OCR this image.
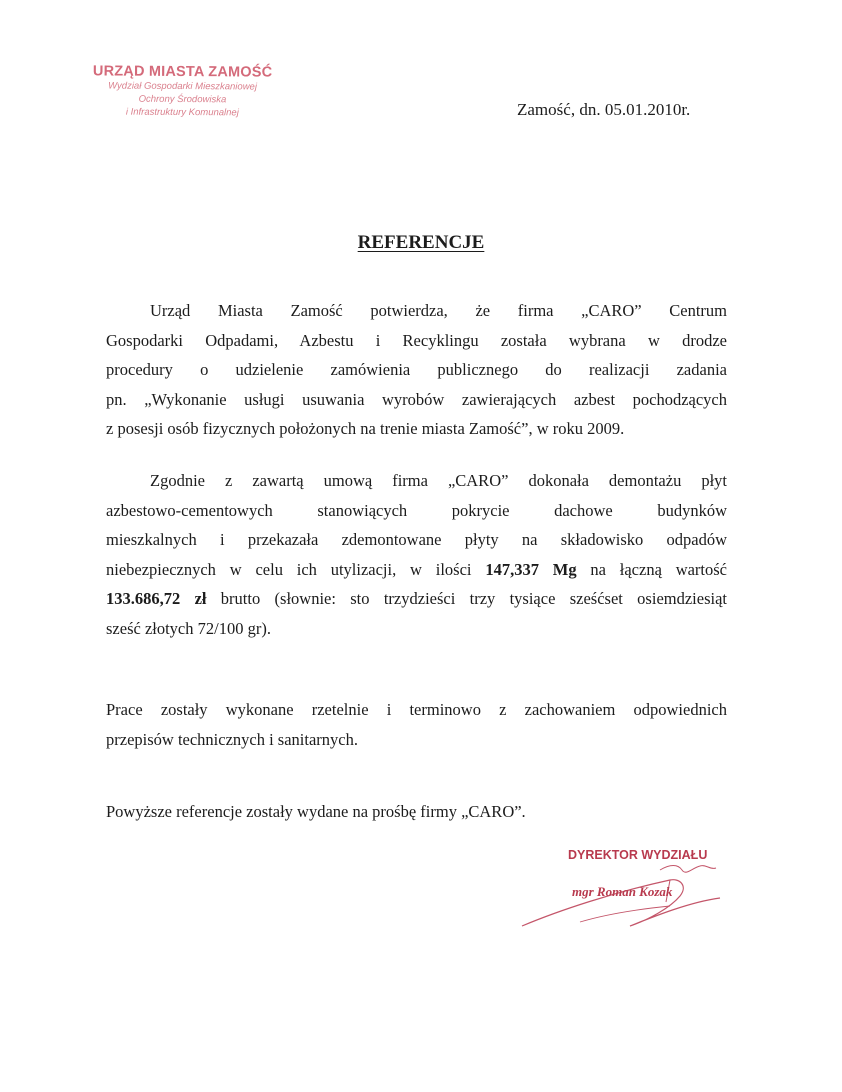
URZĄD MIASTA ZAMOŚĆ
Wydział Gospodarki Mieszkaniowej
Ochrony Środowiska
i Infrastruktury Komunalnej	Zamość, dn. 05.01.2010r.
REFERENCJE
Urząd Miasta Zamość potwierdza, że firma „CARO” Centrum
Gospodarki Odpadami, Azbestu i Recyklingu została wybrana w drodze
procedury o udzielenie zamówienia publicznego do realizacji zadania
pn. „Wykonanie usługi usuwania wyrobów zawierających azbest pochodzących
z posesji osób fizycznych położonych na trenie miasta Zamość”, w roku 2009.
Zgodnie z zawartą umową firma „CARO” dokonała demontażu płyt
azbestowo-cementowych stanowiących pokrycie dachowe budynków
mieszkalnych i przekazała zdemontowane płyty na składowisko odpadów
niebezpiecznych w celu ich utylizacji, w ilości 147,337 Mg na łączną wartość
133.686,72 zł brutto (słownie: sto trzydzieści trzy tysiące sześćset osiemdziesiąt
sześć złotych 72/100 gr).
Prace zostały wykonane rzetelnie i terminowo z zachowaniem odpowiednich
przepisów technicznych i sanitarnych.
Powyższe referencje zostały wydane na prośbę firmy „CARO”.
DYREKTOR WYDZIAŁU
mgr Roman Kozak
